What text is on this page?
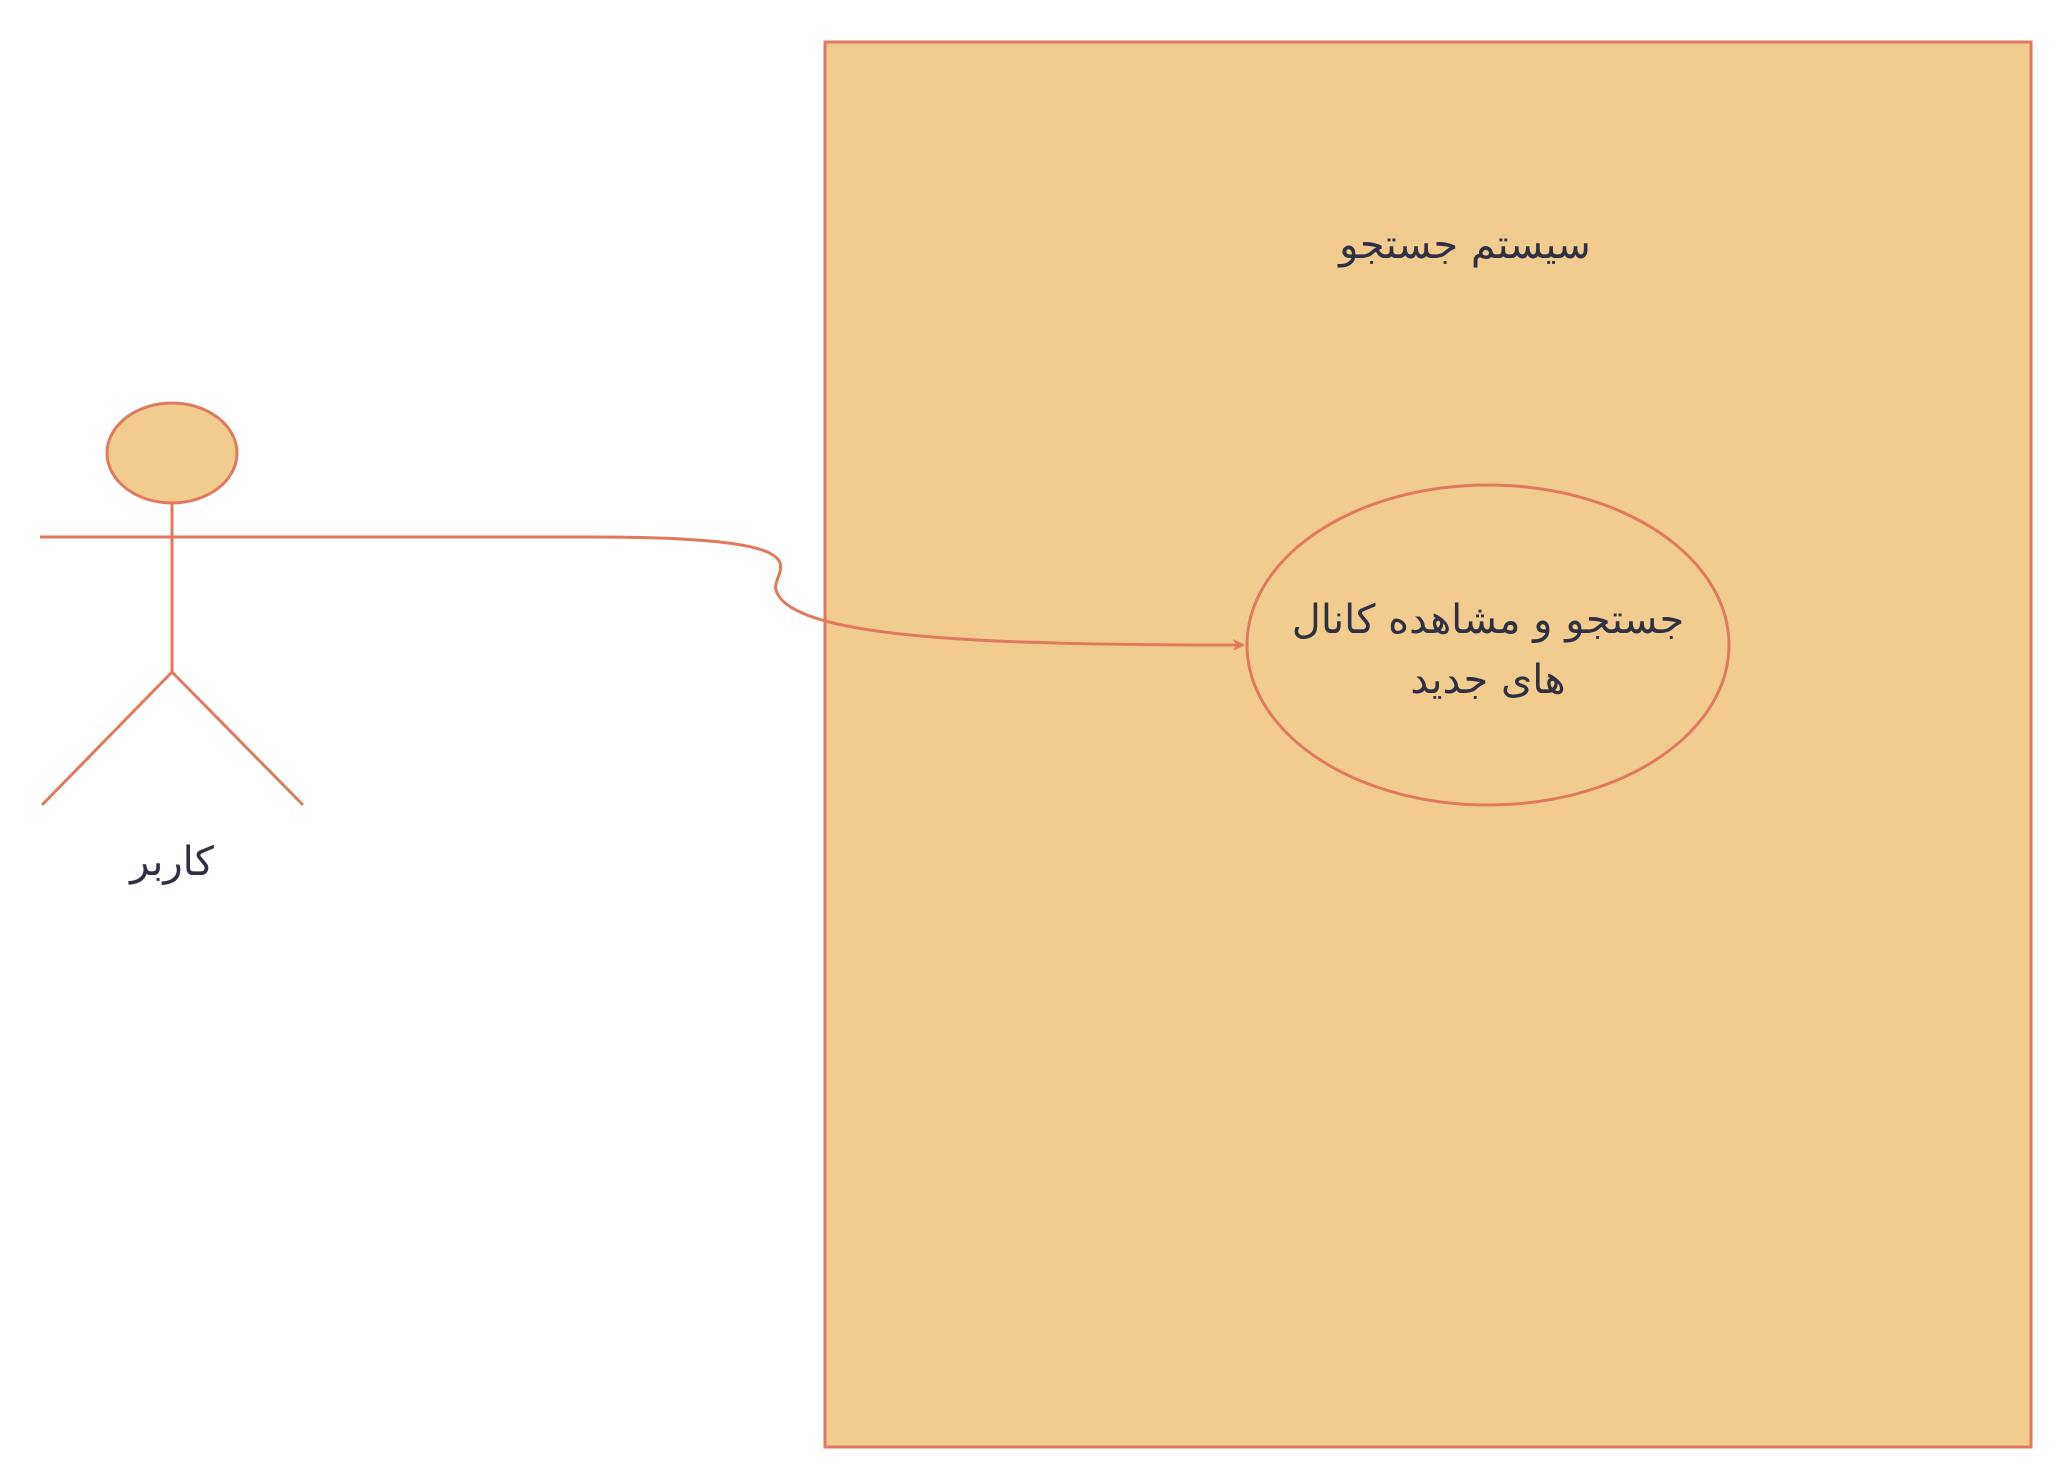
سیستم جستجو
جستجو و مشاهده کانال
های جدید
کاربر
